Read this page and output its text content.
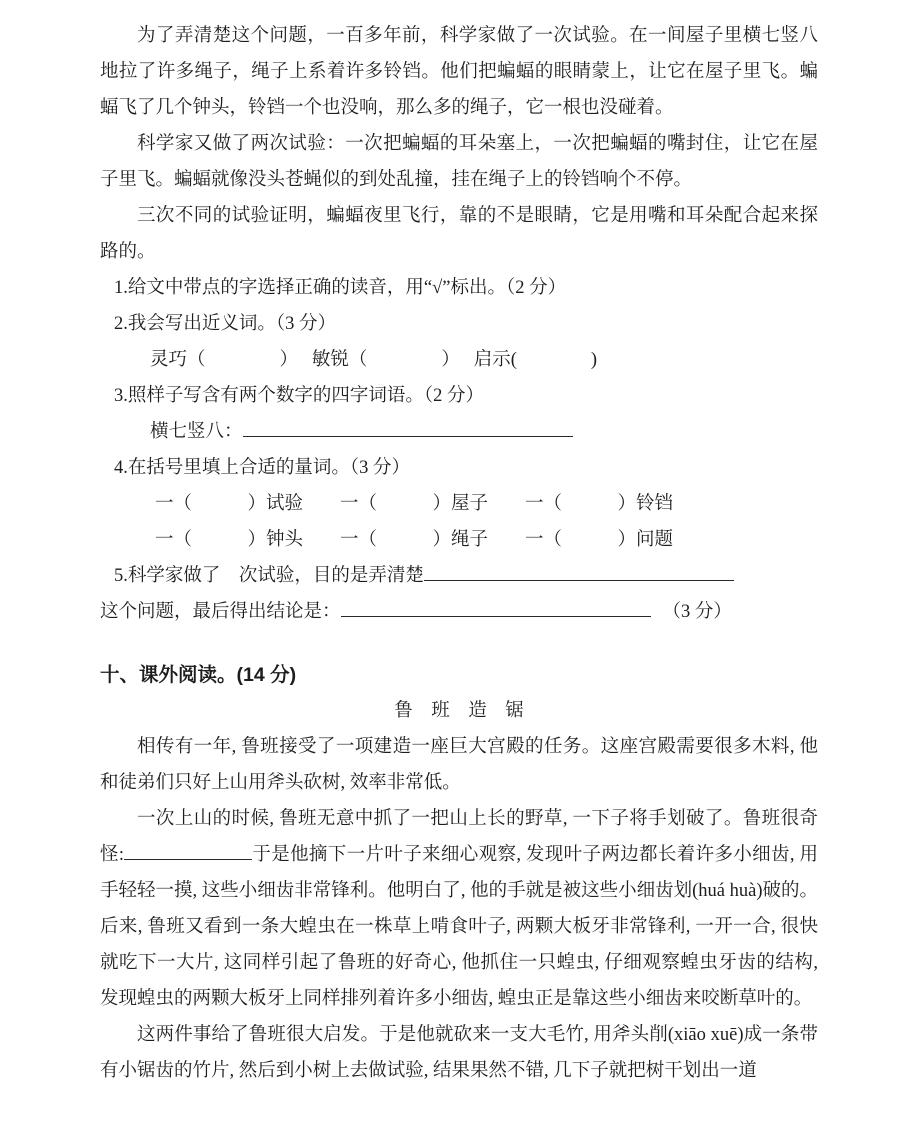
为了弄清楚这个问题，一百多年前，科学家做了一次试验。在一间屋子里横七竖八地拉了许多绳子，绳子上系着许多铃铛。他们把蝙蝠的眼睛蒙上，让它在屋子里飞。蝙蝠飞了几个钟头，铃铛一个也没响，那么多的绳子，它一根也没碰着。

科学家又做了两次试验：一次把蝙蝠的耳朵塞上，一次把蝙蝠的嘴封住，让它在屋子里飞。蝙蝠就像没头苍蝇似的到处乱撞，挂在绳子上的铃铛响个不停。

三次不同的试验证明，蝙蝠夜里飞行，靠的不是眼睛，它是用嘴和耳朵配合起来探路的。

1.给文中带点的字选择正确的读音，用“√”标出。（2 分）
2.我会写出近义词。（3 分）
灵巧（　　　　）　 敏锐（　　　　）　 启示(　　　　)
3.照样子写含有两个数字的四字词语。（2 分）
横七竖八：
4.在括号里填上合适的量词。（3 分）
一（　　　）试验　　一（　　　）屋子　　一（　　　）铃铛
一（　　　）钟头　　一（　　　）绳子　　一（　　　）问题
5.科学家做了　次试验，目的是弄清楚
这个问题，最后得出结论是：	（3 分）
十、课外阅读。(14 分)
鲁　班　造　锯

相传有一年, 鲁班接受了一项建造一座巨大宫殿的任务。这座宫殿需要很多木料, 他和徒弟们只好上山用斧头砍树, 效率非常低。

一次上山的时候, 鲁班无意中抓了一把山上长的野草, 一下子将手划破了。鲁班很奇怪:	于是他摘下一片叶子来细心观察, 发现叶子两边都长着许多小细齿, 用手轻轻一摸, 这些小细齿非常锋利。他明白了, 他的手就是被这些小细齿划(huá huà)破的。后来, 鲁班又看到一条大蝗虫在一株草上啃食叶子, 两颗大板牙非常锋利, 一开一合, 很快就吃下一大片, 这同样引起了鲁班的好奇心, 他抓住一只蝗虫, 仔细观察蝗虫牙齿的结构, 发现蝗虫的两颗大板牙上同样排列着许多小细齿, 蝗虫正是靠这些小细齿来咬断草叶的。

这两件事给了鲁班很大启发。于是他就砍来一支大毛竹, 用斧头削(xiāo xuē)成一条带有小锯齿的竹片, 然后到小树上去做试验, 结果果然不错, 几下子就把树干划出一道
